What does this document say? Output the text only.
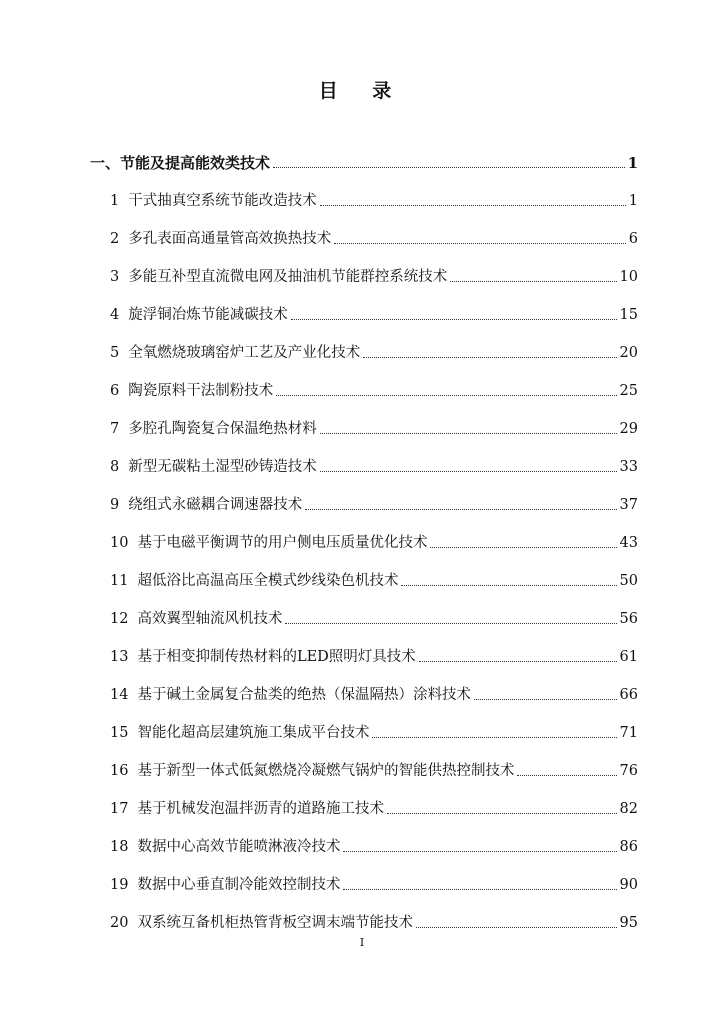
目 录
一、节能及提高能效类技术	1
1 干式抽真空系统节能改造技术	1
2 多孔表面高通量管高效换热技术	6
3 多能互补型直流微电网及抽油机节能群控系统技术	10
4 旋浮铜冶炼节能减碳技术	15
5 全氧燃烧玻璃窑炉工艺及产业化技术	20
6 陶瓷原料干法制粉技术	25
7 多腔孔陶瓷复合保温绝热材料	29
8 新型无碳粘土湿型砂铸造技术	33
9 绕组式永磁耦合调速器技术	37
10 基于电磁平衡调节的用户侧电压质量优化技术	43
11 超低浴比高温高压全模式纱线染色机技术	50
12 高效翼型轴流风机技术	56
13 基于相变抑制传热材料的LED照明灯具技术	61
14 基于碱土金属复合盐类的绝热（保温隔热）涂料技术	66
15 智能化超高层建筑施工集成平台技术	71
16 基于新型一体式低氮燃烧冷凝燃气锅炉的智能供热控制技术	76
17 基于机械发泡温拌沥青的道路施工技术	82
18 数据中心高效节能喷淋液冷技术	86
19 数据中心垂直制冷能效控制技术	90
20 双系统互备机柜热管背板空调末端节能技术	95
I
